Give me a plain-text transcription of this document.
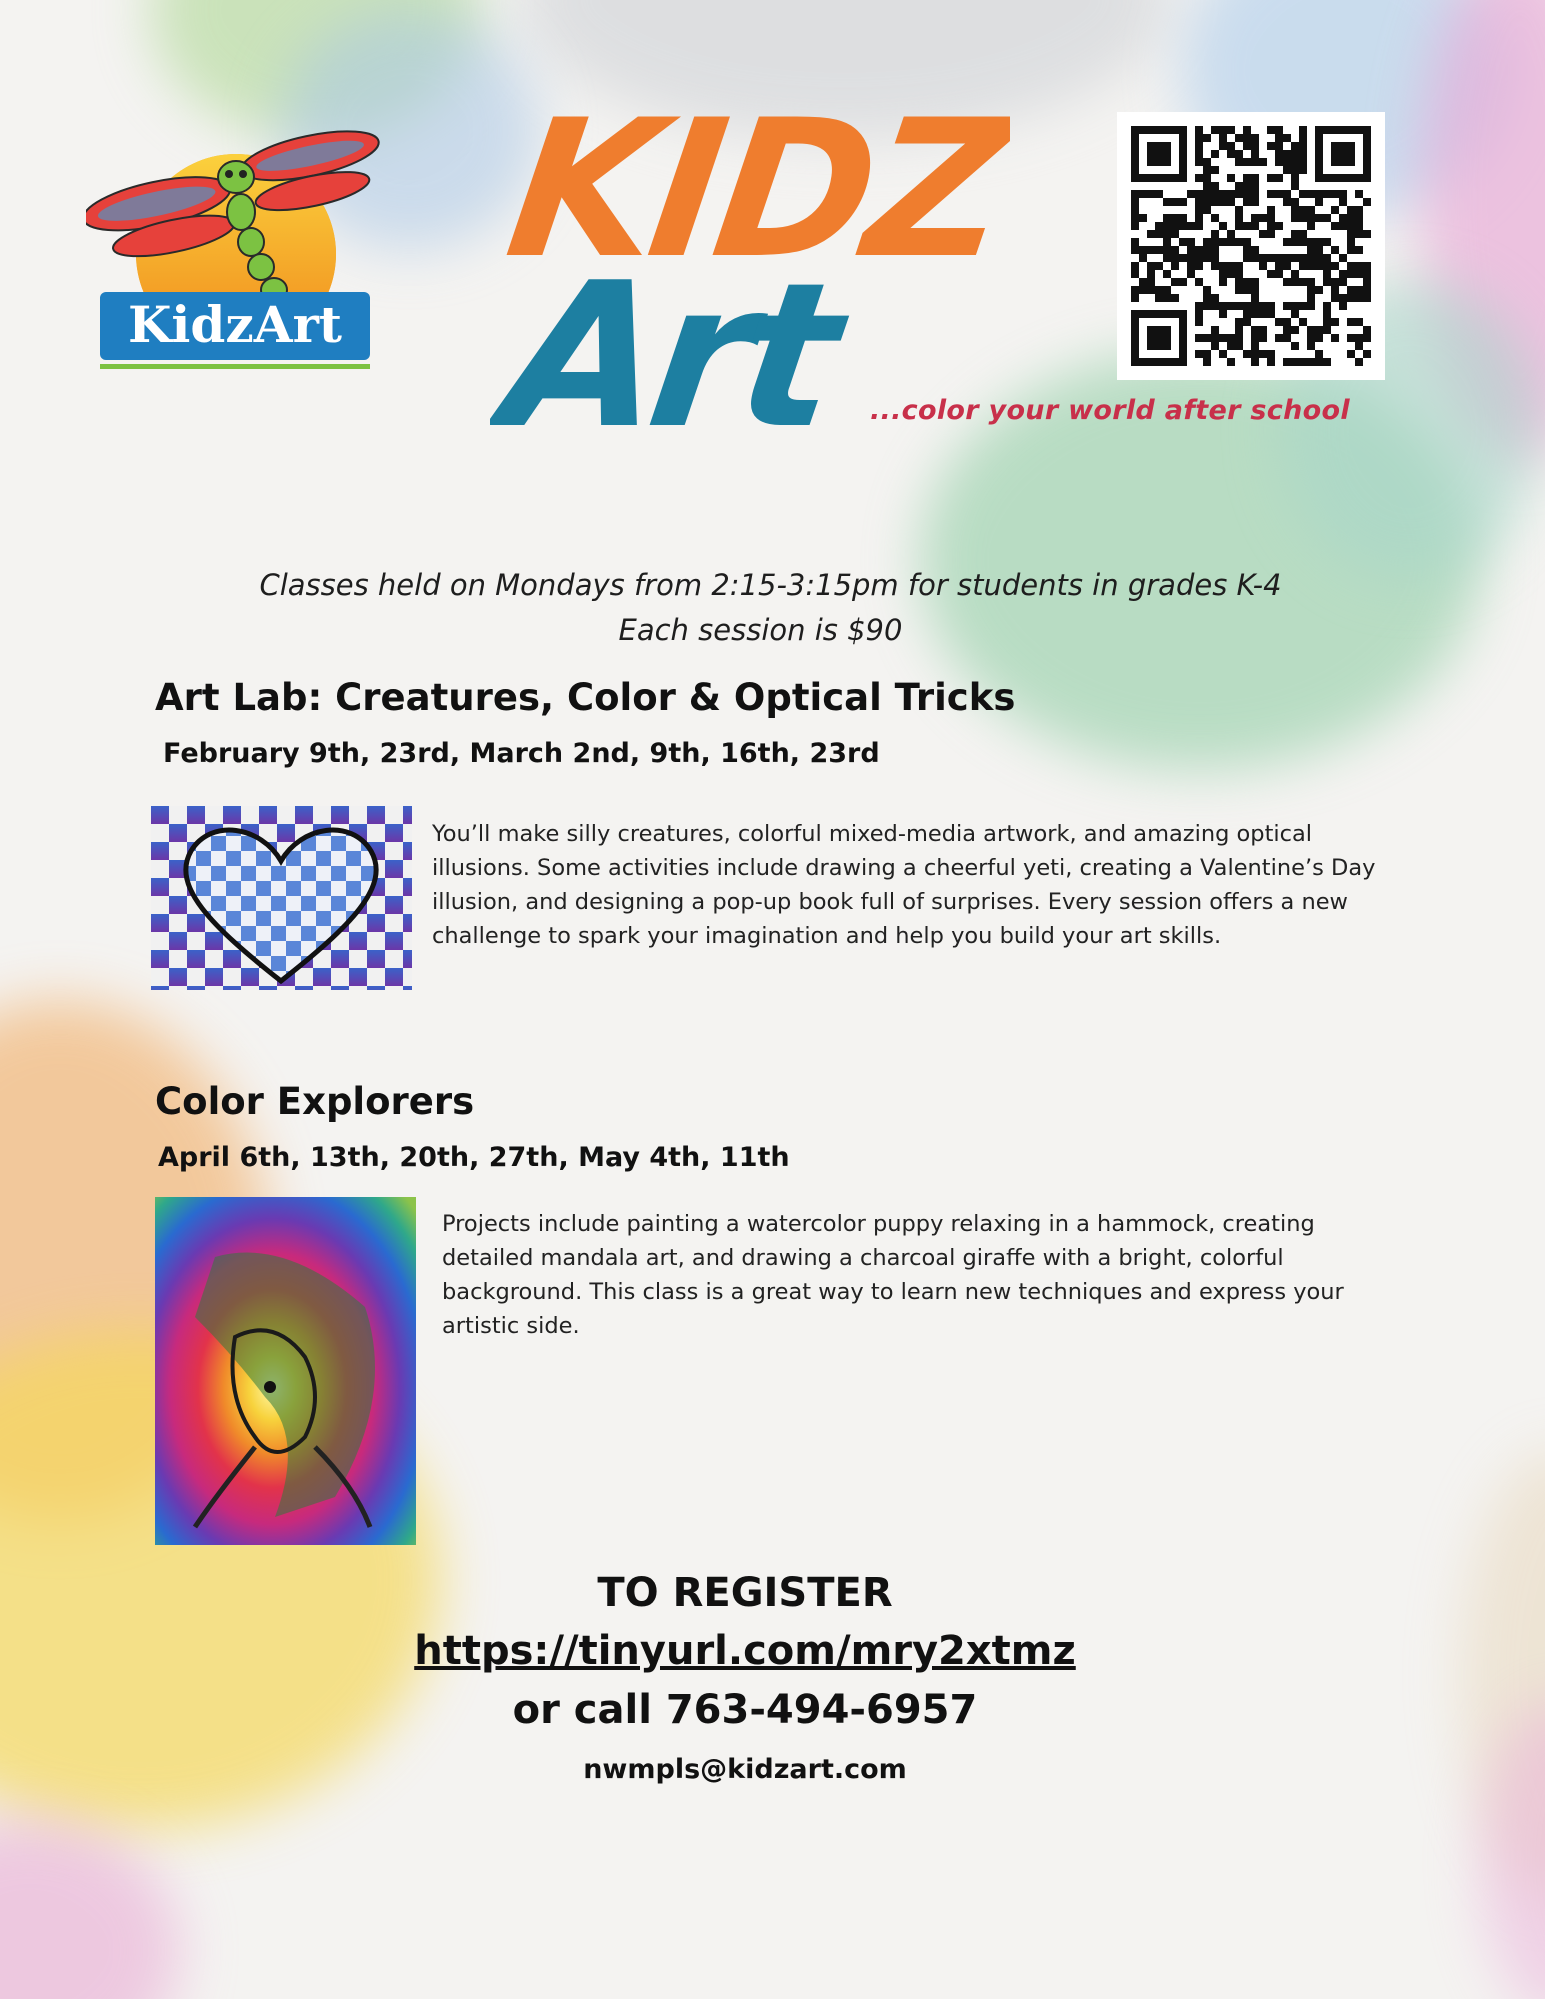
KidzArt
KIDZ
Art ...color your world after school
Classes held on Mondays from 2:15-3:15pm for students in grades K-4
Each session is $90
Art Lab: Creatures, Color & Optical Tricks
February 9th, 23rd, March 2nd, 9th, 16th, 23rd
You’ll make silly creatures, colorful mixed-media artwork, and amazing optical illusions. Some activities include drawing a cheerful yeti, creating a Valentine’s Day illusion, and designing a pop-up book full of surprises. Every session offers a new challenge to spark your imagination and help you build your art skills.
Color Explorers
April 6th, 13th, 20th, 27th, May 4th, 11th
Projects include painting a watercolor puppy relaxing in a hammock, creating detailed mandala art, and drawing a charcoal giraffe with a bright, colorful background. This class is a great way to learn new techniques and express your artistic side.
TO REGISTER
https://tinyurl.com/mry2xtmz
or call 763-494-6957
nwmpls@kidzart.com
